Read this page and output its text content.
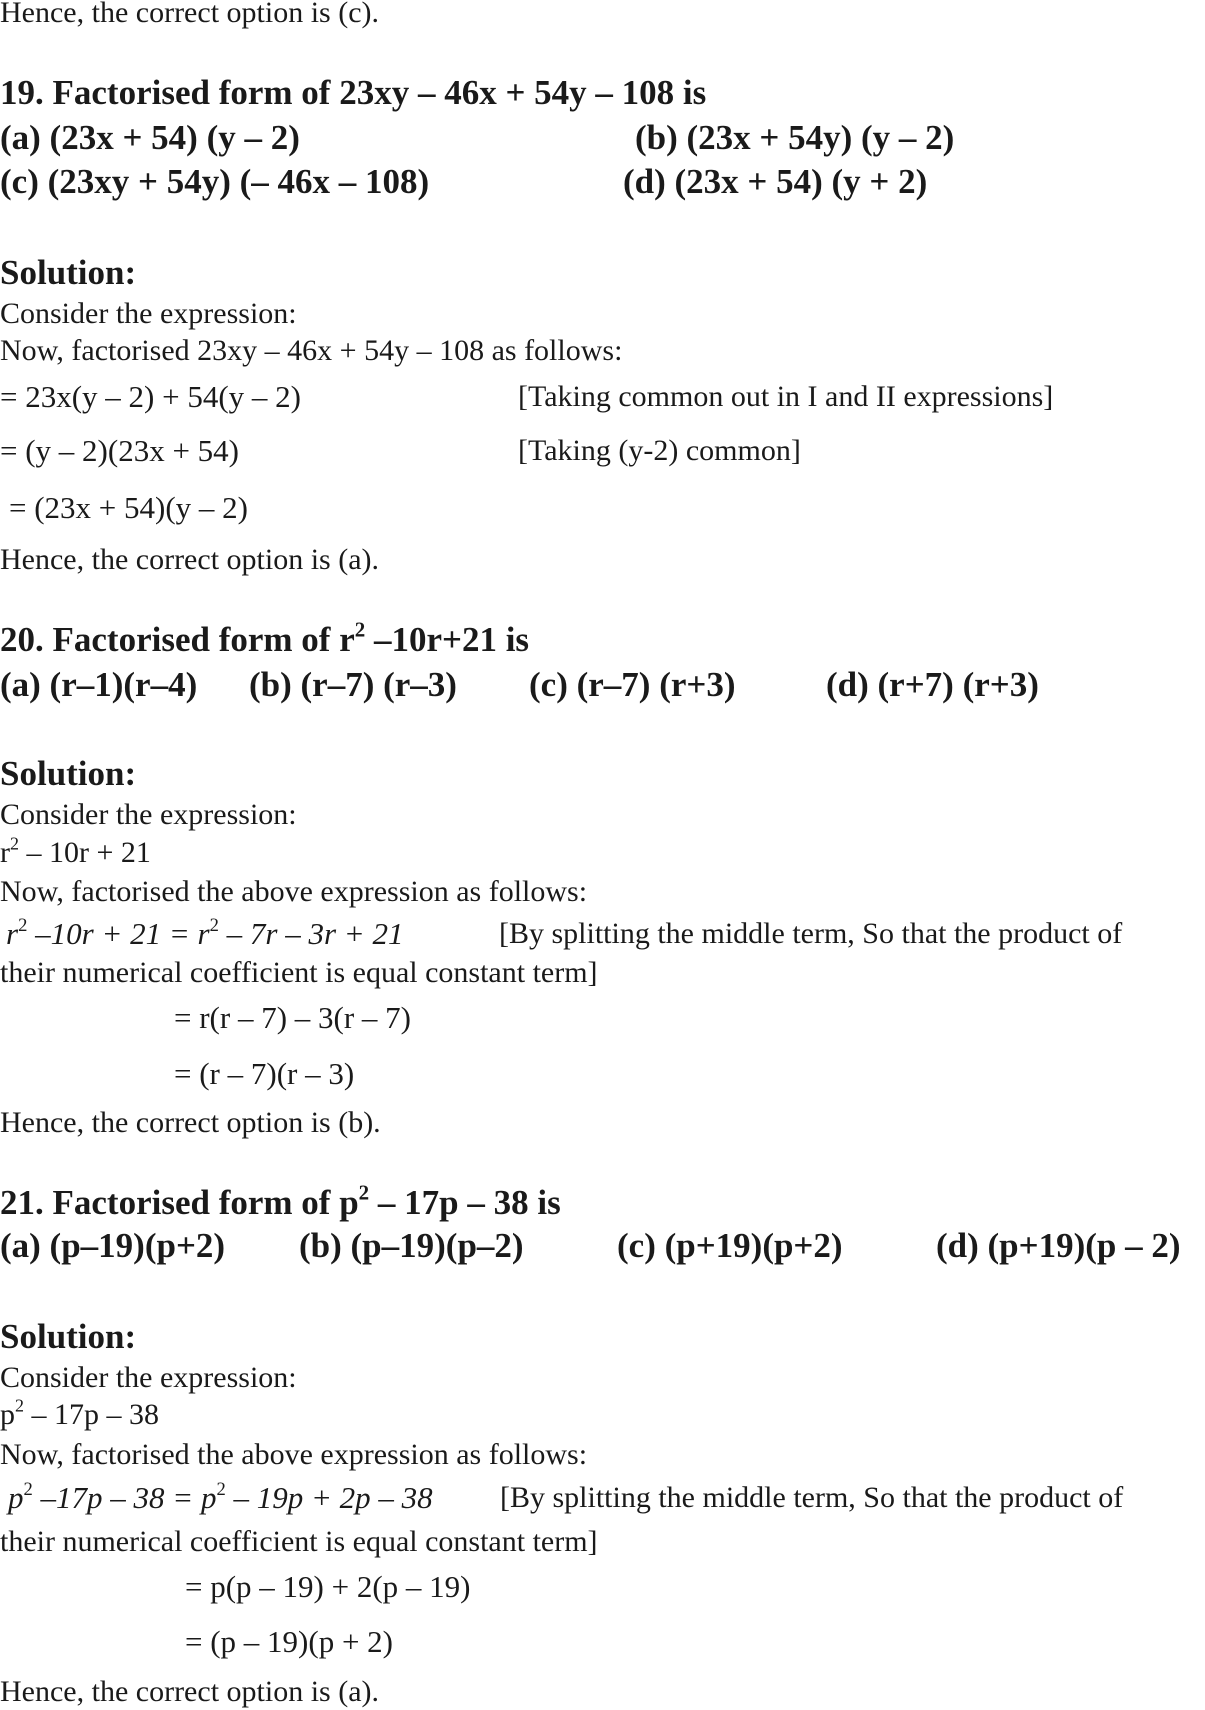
Hence, the correct option is (c).
19. Factorised form of 23xy – 46x + 54y – 108 is
(a) (23x + 54) (y – 2)	(b) (23x + 54y) (y – 2)
(c) (23xy + 54y) (– 46x – 108)	(d) (23x + 54) (y + 2)
Solution:
Consider the expression:
Now, factorised 23xy – 46x + 54y – 108 as follows:
= 23x(y – 2) + 54(y – 2)	[Taking common out in I and II expressions]
= (y – 2)(23x + 54)	[Taking (y-2) common]
= (23x + 54)(y – 2)
Hence, the correct option is (a).
20. Factorised form of $r^2$ –10r+21 is
(a) (r–1)(r–4) (b) (r–7) (r–3) (c) (r–7) (r+3)	(d) (r+7) (r+3)
Solution:
Consider the expression:
$r^2 - 10r + 21$
Now, factorised the above expression as follows:
$r^2$ $-10r + 21 = r^2 - 7r - 3r + 21$	[By splitting the middle term, So that the product of
their numerical coefficient is equal constant term]
= r(r – 7) – 3(r – 7)
= (r – 7)(r – 3)
Hence, the correct option is (b).
21. Factorised form of $p^2 - 17p - 38$ is
(a) (p–19)(p+2) (b) (p–19)(p–2)	(c) (p+19)(p+2)	(d) (p+19)(p – 2)
Solution:
Consider the expression:
$p^2 - 17p - 38$
Now, factorised the above expression as follows:
$p^2$ $-17p - 38 = p^2 - 19p + 2p - 38$ [By splitting the middle term, So that the product of
their numerical coefficient is equal constant term]
= p(p – 19) + 2(p – 19)
= (p – 19)(p + 2)
Hence, the correct option is (a).
